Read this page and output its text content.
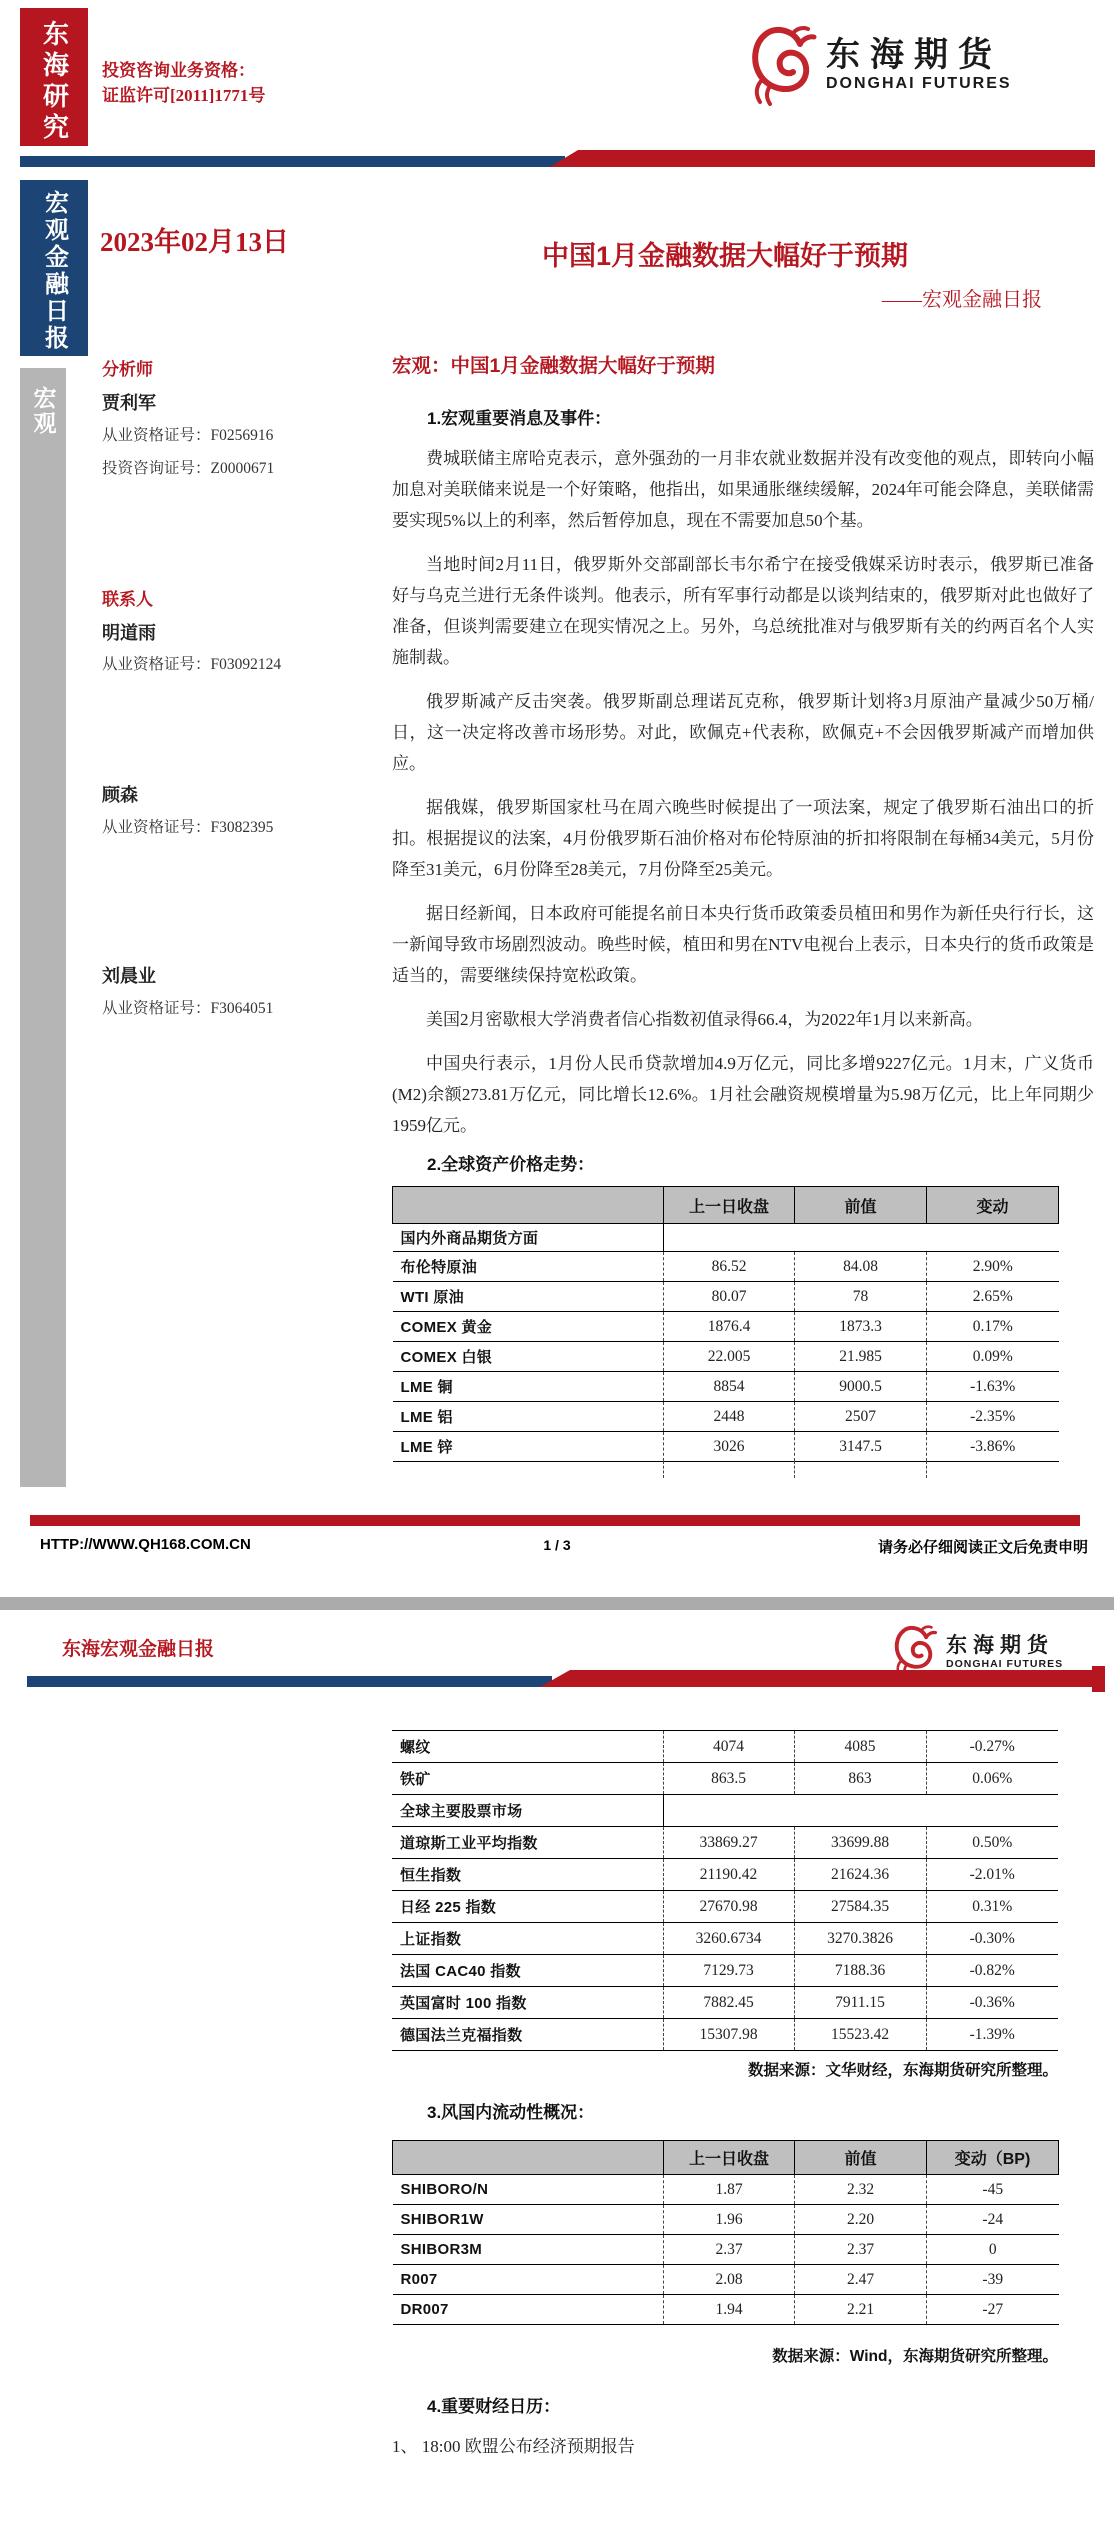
东海研究 投资咨询业务资格：
证监许可[2011]1771号
东海期货
DONGHAI FUTURES
宏观金融日报
宏观
2023年02月13日	中国1月金融数据大幅好于预期
——宏观金融日报
分析师
贾利军
从业资格证号：F0256916
投资咨询证号：Z0000671
联系人
明道雨
从业资格证号：F03092124
顾森
从业资格证号：F3082395
刘晨业
从业资格证号：F3064051
宏观：中国1月金融数据大幅好于预期
1.宏观重要消息及事件：

费城联储主席哈克表示，意外强劲的一月非农就业数据并没有改变他的观点，即转向小幅加息对美联储来说是一个好策略，他指出，如果通胀继续缓解，2024年可能会降息，美联储需要实现5%以上的利率，然后暂停加息，现在不需要加息50个基。

当地时间2月11日，俄罗斯外交部副部长韦尔希宁在接受俄媒采访时表示，俄罗斯已准备好与乌克兰进行无条件谈判。他表示，所有军事行动都是以谈判结束的，俄罗斯对此也做好了准备，但谈判需要建立在现实情况之上。另外，乌总统批准对与俄罗斯有关的约两百名个人实施制裁。

俄罗斯减产反击突袭。俄罗斯副总理诺瓦克称，俄罗斯计划将3月原油产量减少50万桶/日，这一决定将改善市场形势。对此，欧佩克+代表称，欧佩克+不会因俄罗斯减产而增加供应。

据俄媒，俄罗斯国家杜马在周六晚些时候提出了一项法案，规定了俄罗斯石油出口的折扣。根据提议的法案，4月份俄罗斯石油价格对布伦特原油的折扣将限制在每桶34美元，5月份降至31美元，6月份降至28美元，7月份降至25美元。

据日经新闻，日本政府可能提名前日本央行货币政策委员植田和男作为新任央行行长，这一新闻导致市场剧烈波动。晚些时候，植田和男在NTV电视台上表示，日本央行的货币政策是适当的，需要继续保持宽松政策。

美国2月密歇根大学消费者信心指数初值录得66.4，为2022年1月以来新高。

中国央行表示，1月份人民币贷款增加4.9万亿元，同比多增9227亿元。1月末，广义货币(M2)余额273.81万亿元，同比增长12.6%。1月社会融资规模增量为5.98万亿元，比上年同期少1959亿元。

2.全球资产价格走势：
	上一日收盘	前值	变动
国内外商品期货方面			
布伦特原油	86.52	84.08	2.90%
WTI 原油	80.07	78	2.65%
COMEX 黄金	1876.4	1873.3	0.17%
COMEX 白银	22.005	21.985	0.09%
LME 铜	8854	9000.5	-1.63%
LME 铝	2448	2507	-2.35%
LME 锌	3026	3147.5	-3.86%
HTTP://WWW.QH168.COM.CN	1 / 3	请务必仔细阅读正文后免责申明
东海宏观金融日报	东海期货
DONGHAI FUTURES
螺纹	4074	4085	-0.27%
铁矿	863.5	863	0.06%
全球主要股票市场			
道琼斯工业平均指数	33869.27	33699.88	0.50%
恒生指数	21190.42	21624.36	-2.01%
日经 225 指数	27670.98	27584.35	0.31%
上证指数	3260.6734	3270.3826	-0.30%
法国 CAC40 指数	7129.73	7188.36	-0.82%
英国富时 100 指数	7882.45	7911.15	-0.36%
德国法兰克福指数	15307.98	15523.42	-1.39%
数据来源：文华财经，东海期货研究所整理。
3.风国内流动性概况：
	上一日收盘	前值	变动（BP)
SHIBORO/N	1.87	2.32	-45
SHIBOR1W	1.96	2.20	-24
SHIBOR3M	2.37	2.37	0
R007	2.08	2.47	-39
DR007	1.94	2.21	-27
数据来源：Wind，东海期货研究所整理。
4.重要财经日历：
1、 18:00 欧盟公布经济预期报告
